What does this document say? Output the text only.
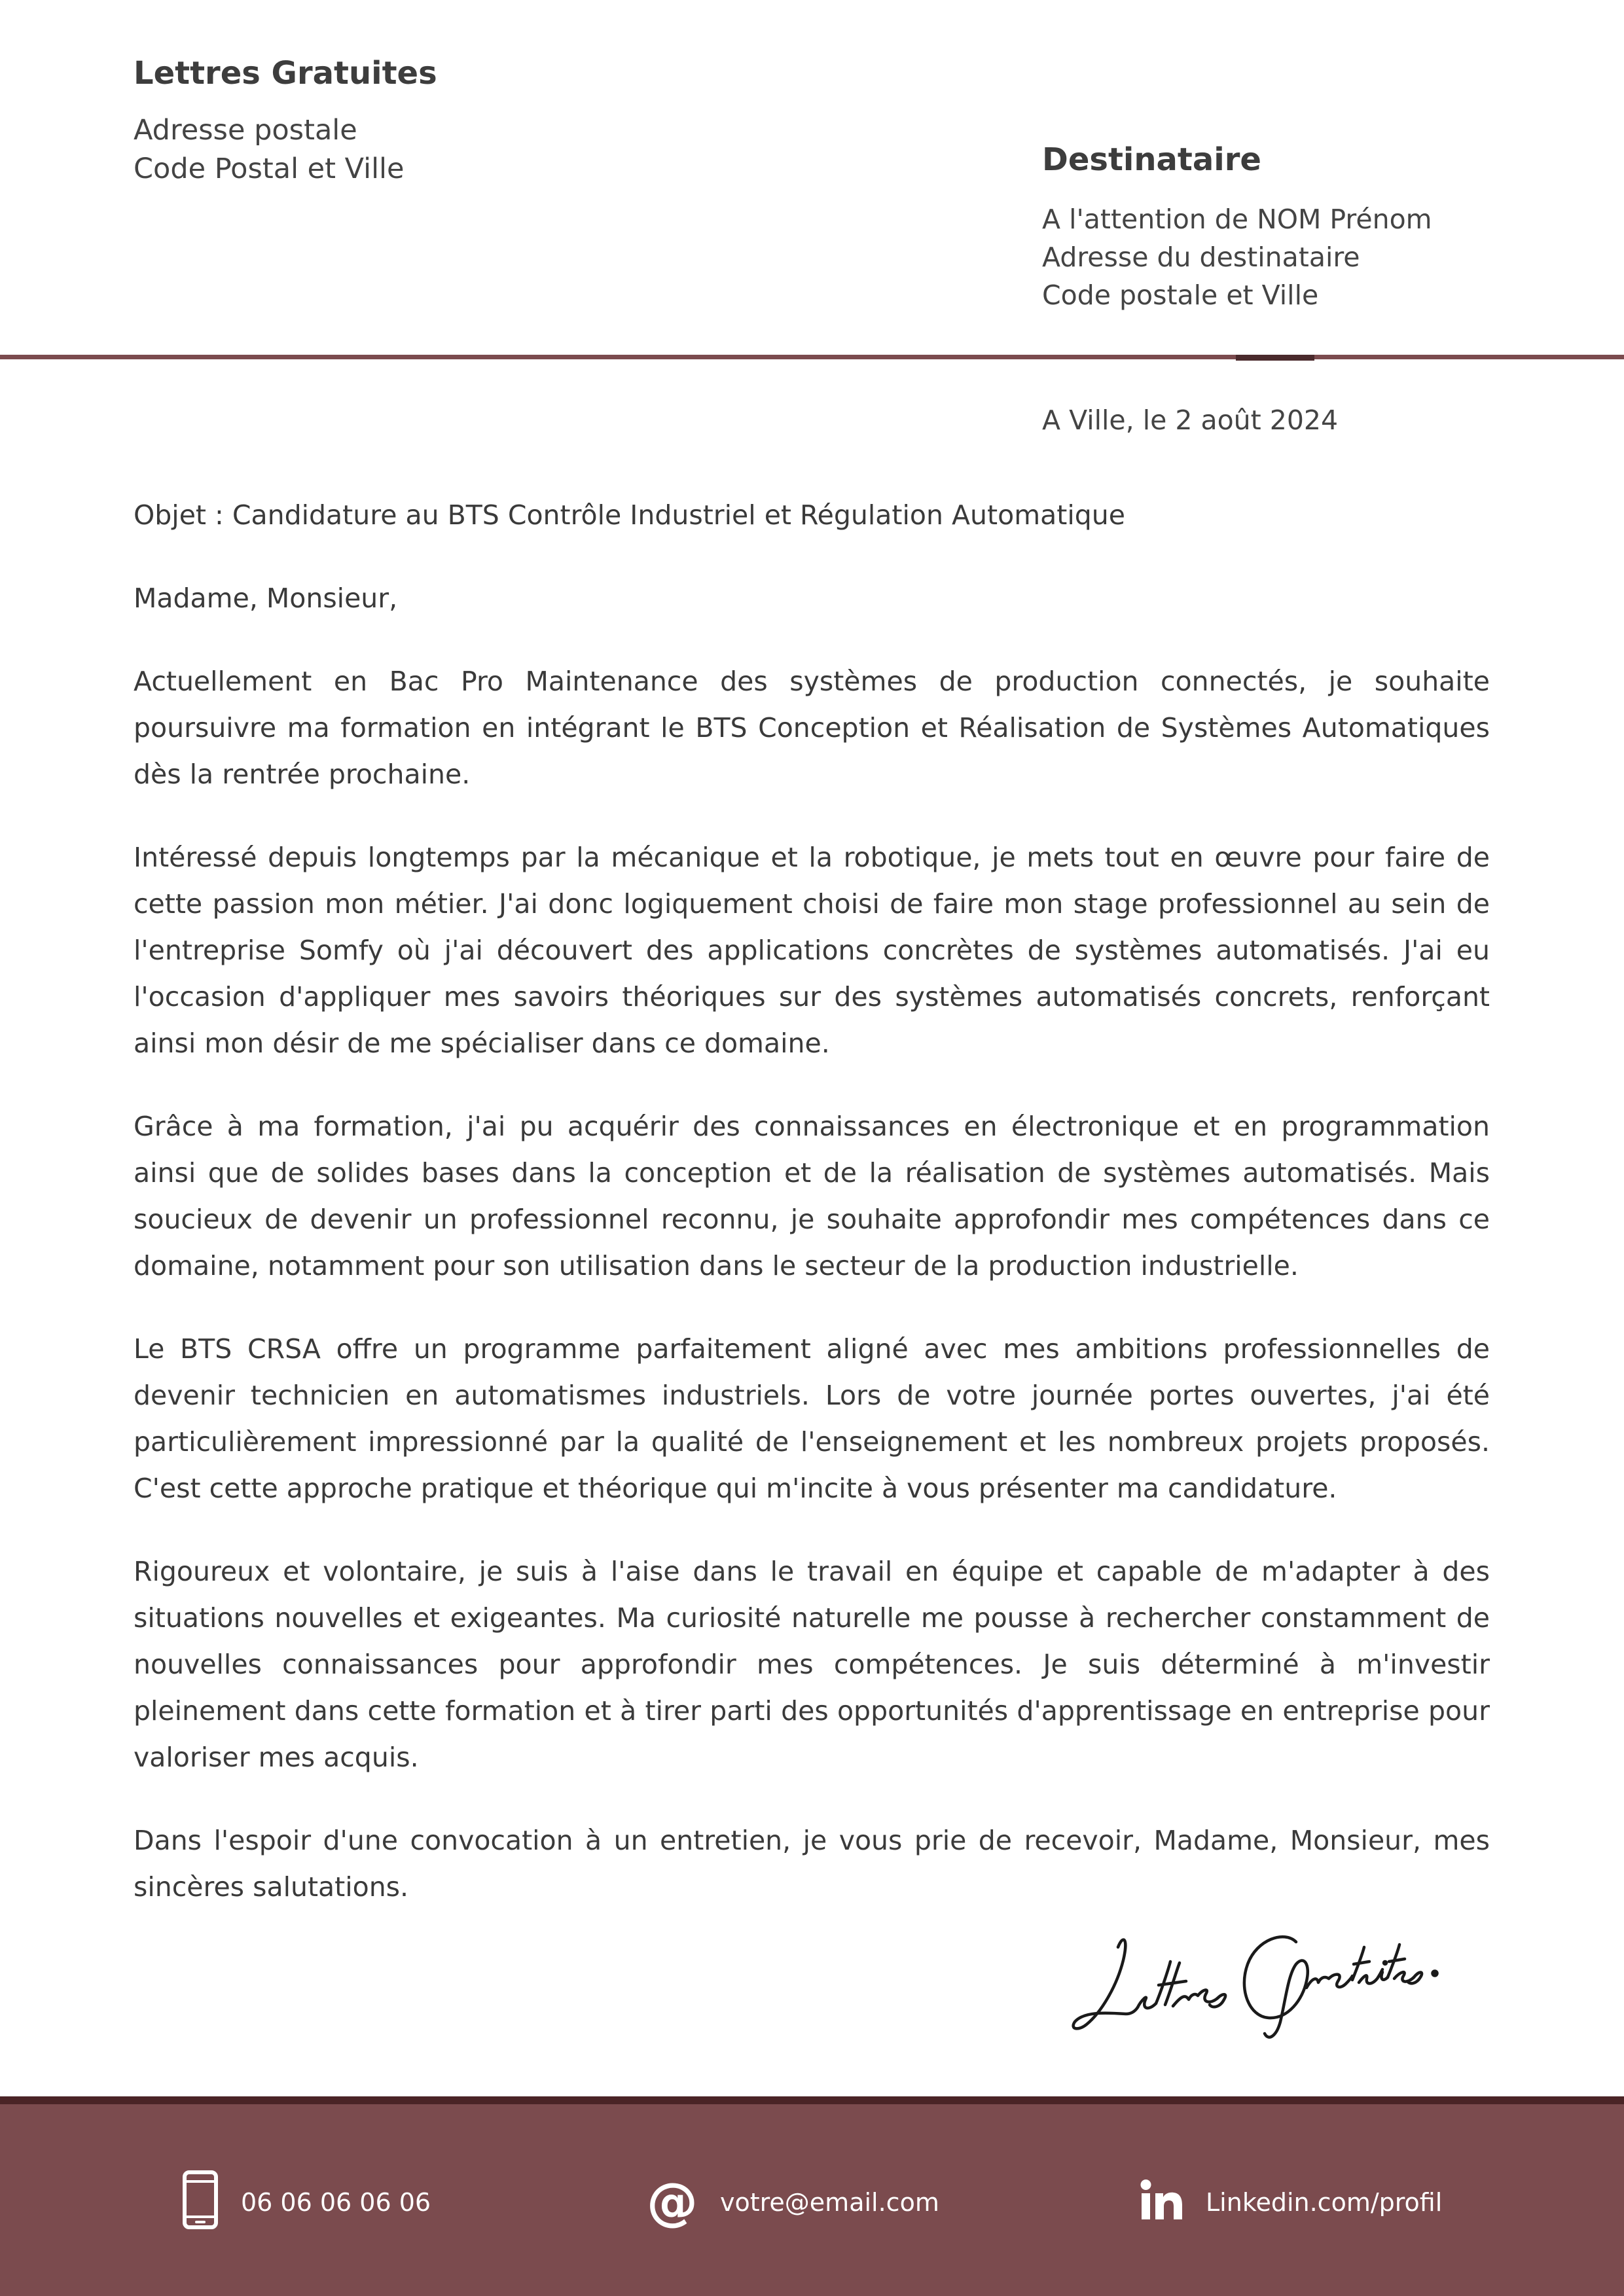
Lettres Gratuites
Adresse postale
Code Postal et Ville	Destinataire
A l'attention de NOM Prénom
Adresse du destinataire
Code postale et Ville
A Ville, le 2 août 2024

Objet : Candidature au BTS Contrôle Industriel et Régulation Automatique

Madame, Monsieur,

Actuellement en Bac Pro Maintenance des systèmes de production connectés, je souhaite poursuivre ma formation en intégrant le BTS Conception et Réalisation de Systèmes Automatiques dès la rentrée prochaine.

Intéressé depuis longtemps par la mécanique et la robotique, je mets tout en œuvre pour faire de cette passion mon métier. J'ai donc logiquement choisi de faire mon stage professionnel au sein de l'entreprise Somfy où j'ai découvert des applications concrètes de systèmes automatisés. J'ai eu l'occasion d'appliquer mes savoirs théoriques sur des systèmes automatisés concrets, renforçant ainsi mon désir de me spécialiser dans ce domaine.

Grâce à ma formation, j'ai pu acquérir des connaissances en électronique et en programmation ainsi que de solides bases dans la conception et de la réalisation de systèmes automatisés. Mais soucieux de devenir un professionnel reconnu, je souhaite approfondir mes compétences dans ce domaine, notamment pour son utilisation dans le secteur de la production industrielle.

Le BTS CRSA offre un programme parfaitement aligné avec mes ambitions professionnelles de devenir technicien en automatismes industriels. Lors de votre journée portes ouvertes, j'ai été particulièrement impressionné par la qualité de l'enseignement et les nombreux projets proposés. C'est cette approche pratique et théorique qui m'incite à vous présenter ma candidature.

Rigoureux et volontaire, je suis à l'aise dans le travail en équipe et capable de m'adapter à des situations nouvelles et exigeantes. Ma curiosité naturelle me pousse à rechercher constamment de nouvelles connaissances pour approfondir mes compétences. Je suis déterminé à m'investir pleinement dans cette formation et à tirer parti des opportunités d'apprentissage en entreprise pour valoriser mes acquis.

Dans l'espoir d'une convocation à un entretien, je vous prie de recevoir, Madame, Monsieur, mes sincères salutations.

06 06 06 06 06	@ votre@email.com	Linkedin.com/profil
